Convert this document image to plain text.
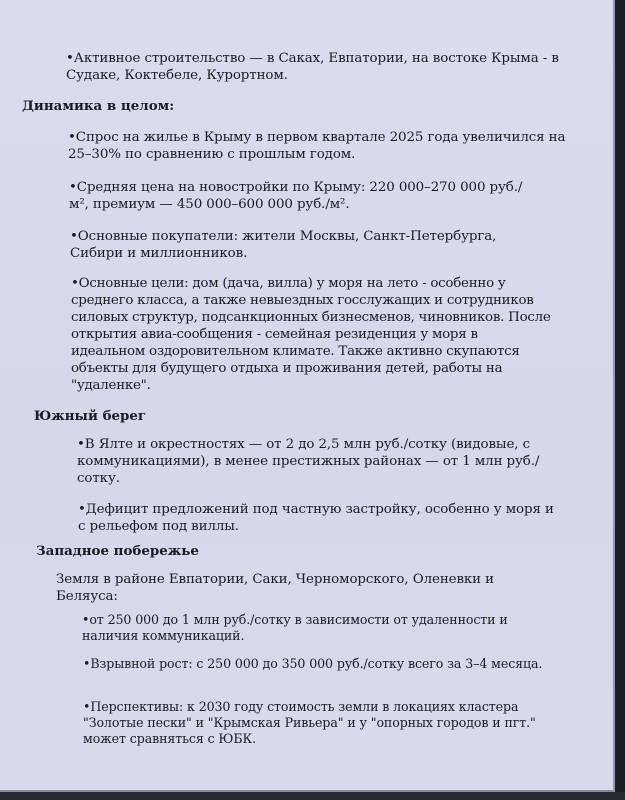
•Активное строительство — в Саках, Евпатории, на востоке Крыма - в Судаке, Коктебеле, Курортном.

Динамика в целом:

•Спрос на жилье в Крыму в первом квартале 2025 года увеличился на 25–30% по сравнению с прошлым годом.

•Средняя цена на новостройки по Крыму: 220 000–270 000 руб./м², премиум — 450 000–600 000 руб./м².

•Основные покупатели: жители Москвы, Санкт-Петербурга, Сибири и миллионников.

•Основные цели: дом (дача, вилла) у моря на лето - особенно у среднего класса, а также невыездных госслужащих и сотрудников силовых структур, подсанкционных бизнесменов, чиновников. После открытия авиа-сообщения - семейная резиденция у моря в идеальном оздоровительном климате. Также активно скупаются объекты для будущего отдыха и проживания детей, работы на "удаленке".

Южный берег

•В Ялте и окрестностях — от 2 до 2,5 млн руб./сотку (видовые, с коммуникациями), в менее престижных районах — от 1 млн руб./сотку.

•Дефицит предложений под частную застройку, особенно у моря и с рельефом под виллы.

Западное побережье

Земля в районе Евпатории, Саки, Черноморского, Оленевки и Беляуса:

•от 250 000 до 1 млн руб./сотку в зависимости от удаленности и наличия коммуникаций.

•Взрывной рост: с 250 000 до 350 000 руб./сотку всего за 3–4 месяца.

•Перспективы: к 2030 году стоимость земли в локациях кластера "Золотые пески" и "Крымская Ривьера" и у "опорных городов и пгт." может сравняться с ЮБК.
